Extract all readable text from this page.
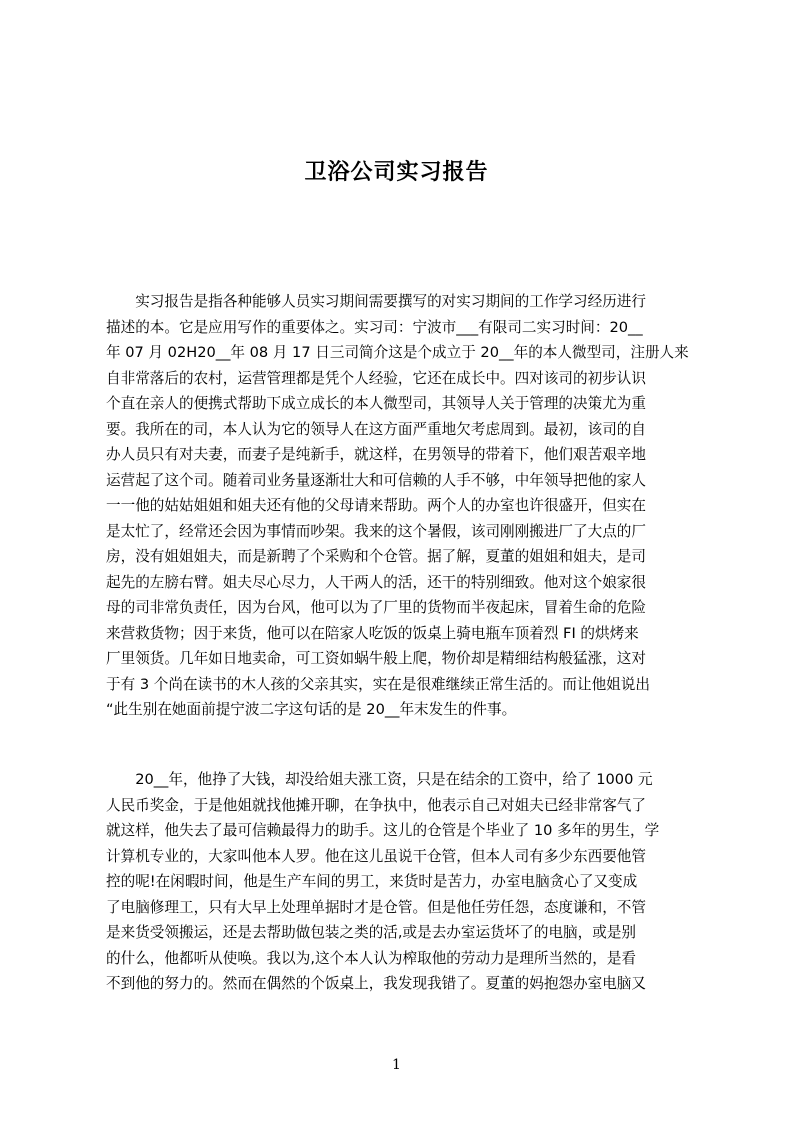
卫浴公司实习报告

　　实习报告是指各种能够人员实习期间需要撰写的对实习期间的工作学习经历进行
描述的本。它是应用写作的重要体之。实习司：宁波市___有限司二实习时间：20__
年 07 月 02H20__年 08 月 17 日三司简介这是个成立于 20__年的本人微型司，注册人来
自非常落后的农村，运营管理都是凭个人经验，它还在成长中。四对该司的初步认识
个直在亲人的便携式帮助下成立成长的本人微型司，其领导人关于管理的决策尤为重
要。我所在的司，本人认为它的领导人在这方面严重地欠考虑周到。最初，该司的自
办人员只有对夫妻，而妻子是纯新手，就这样，在男领导的带着下，他们艰苦艰辛地
运营起了这个司。随着司业务量逐渐壮大和可信赖的人手不够，中年领导把他的家人
一一他的姑姑姐姐和姐夫还有他的父母请来帮助。两个人的办室也许很盛开，但实在
是太忙了，经常还会因为事情而吵架。我来的这个暑假，该司刚刚搬进厂了大点的厂
房，没有姐姐姐夫，而是新聘了个采购和个仓管。据了解，夏董的姐姐和姐夫，是司
起先的左膀右臂。姐夫尽心尽力，人干两人的活，还干的特别细致。他对这个娘家很
母的司非常负责任，因为台风，他可以为了厂里的货物而半夜起床，冒着生命的危险
来营救货物；因于来货，他可以在陪家人吃饭的饭桌上骑电瓶车顶着烈 FI 的烘烤来
厂里领货。几年如日地卖命，可工资如蜗牛般上爬，物价却是精细结构般猛涨，这对
于有 3 个尚在读书的木人孩的父亲其实，实在是很难继续正常生活的。而让他姐说出
“此生别在她面前提宁波二字这句话的是 20__年末发生的件事。

　　20__年，他挣了大钱，却没给姐夫涨工资，只是在结余的工资中，给了 1000 元
人民币奖金，于是他姐就找他摊开聊，在争执中，他表示自己对姐夫已经非常客气了
就这样，他失去了最可信赖最得力的助手。这儿的仓管是个毕业了 10 多年的男生，学
计算机专业的，大家叫他本人罗。他在这儿虽说干仓管，但本人司有多少东西要他管
控的呢!在闲暇时间，他是生产车间的男工，来货时是苦力，办室电脑贪心了又变成
了电脑修理工，只有大早上处理单据时才是仓管。但是他任劳任怨，态度谦和，不管
是来货受领搬运，还是去帮助做包装之类的活,或是去办室运货坏了的电脑，或是别
的什么，他都听从使唤。我以为,这个本人认为榨取他的劳动力是理所当然的，是看
不到他的努力的。然而在偶然的个饭桌上，我发现我错了。夏董的妈抱怨办室电脑又

1
